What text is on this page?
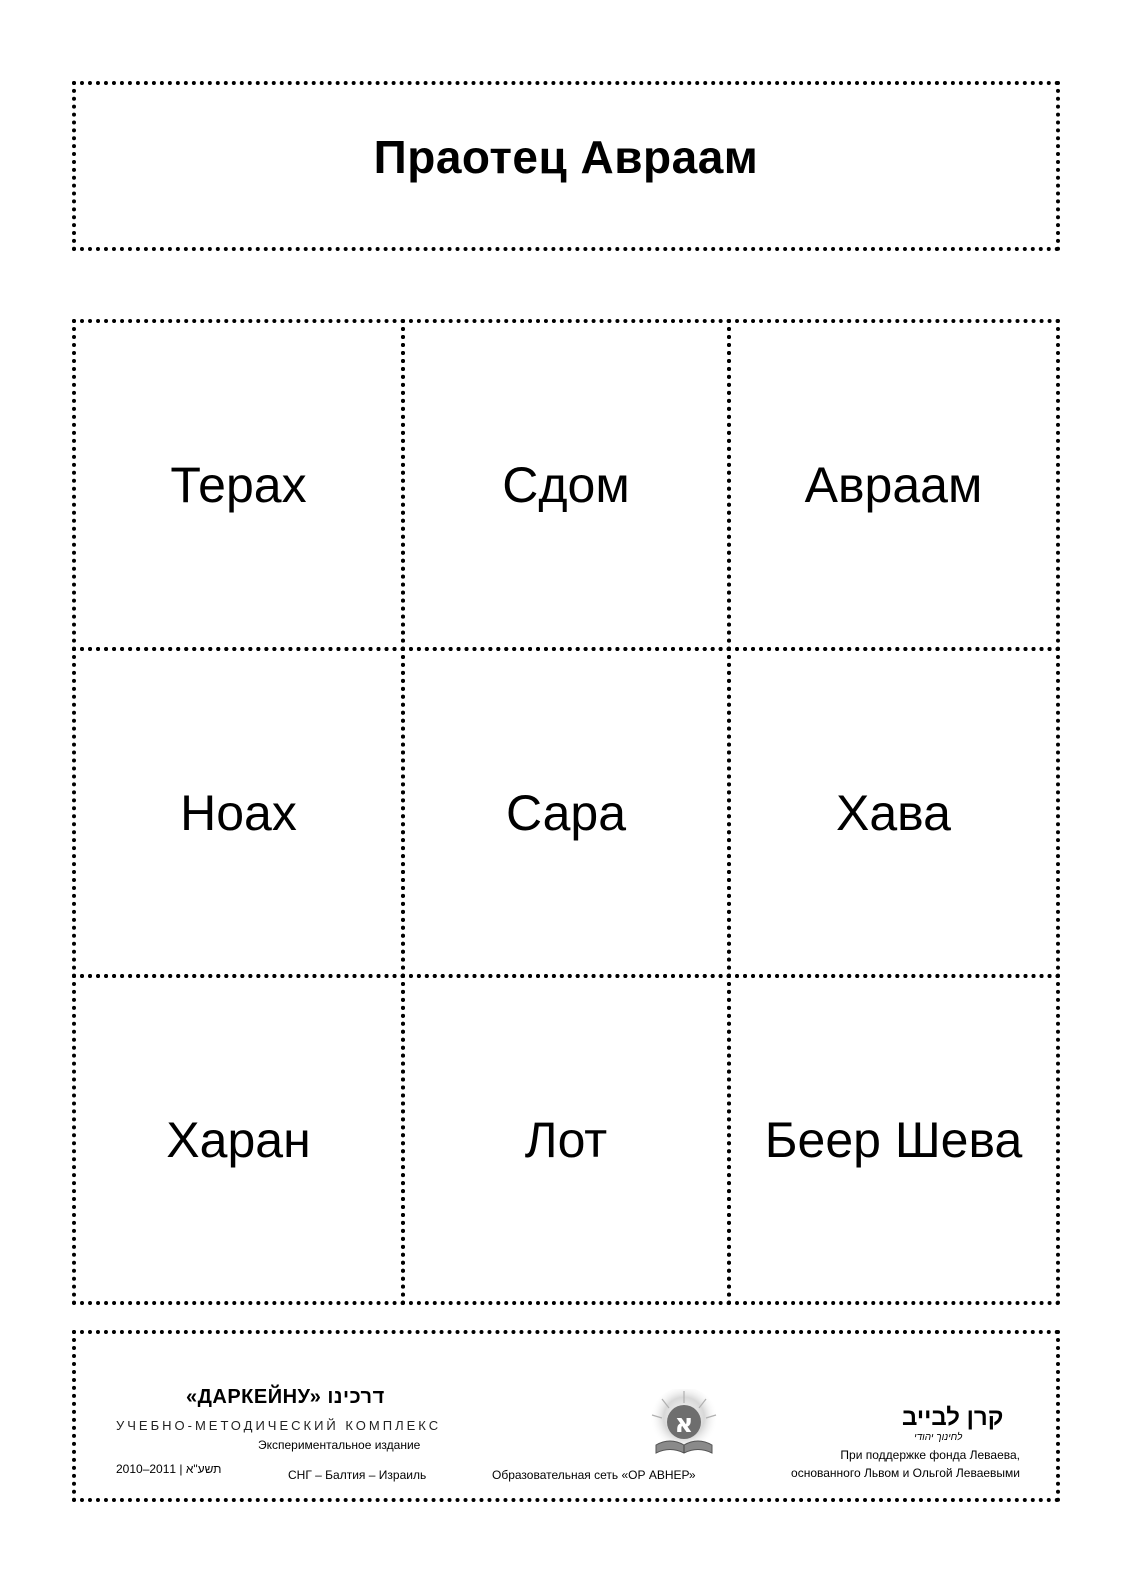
Праотец Авраам
Терах	Сдом	Авраам
Ноах	Сара	Хава
Харан	Лот	Беер Шева
«ДАРКЕЙНУ» דרכינו
УЧЕБНО-МЕТОДИЧЕСКИЙ КОМПЛЕКС
Экспериментальное издание
2010–2011 | תשע"א	СНГ – Балтия – Израиль
א
Образовательная сеть «ОР АВНЕР»
קרן לבייב
לחינוך יהודי
При поддержке фонда Леваева,
основанного Львом и Ольгой Леваевыми
